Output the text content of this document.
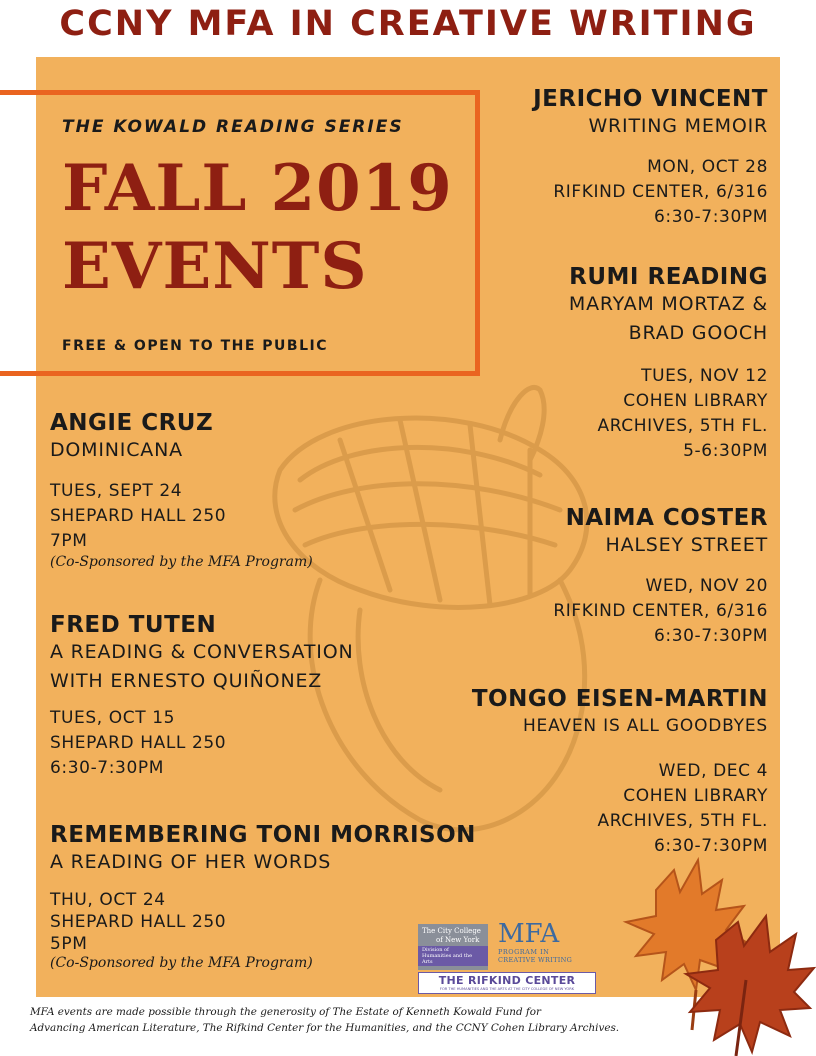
CCNY MFA IN CREATIVE WRITING
THE KOWALD READING SERIES
FALL 2019
EVENTS
FREE & OPEN TO THE PUBLIC
ANGIE CRUZ
DOMINICANA
TUES, SEPT 24
SHEPARD HALL 250
7PM
(Co-Sponsored by the MFA Program)
FRED TUTEN
A READING & CONVERSATION
WITH ERNESTO QUIÑONEZ
TUES, OCT 15
SHEPARD HALL 250
6:30-7:30PM
REMEMBERING TONI MORRISON
A READING OF HER WORDS
THU, OCT 24
SHEPARD HALL 250
5PM
(Co-Sponsored by the MFA Program)
JERICHO VINCENT
WRITING MEMOIR
MON, OCT 28
RIFKIND CENTER, 6/316
6:30-7:30PM
RUMI READING
MARYAM MORTAZ &
BRAD GOOCH
TUES, NOV 12
COHEN LIBRARY
ARCHIVES, 5TH FL.
5-6:30PM
NAIMA COSTER
HALSEY STREET
WED, NOV 20
RIFKIND CENTER, 6/316
6:30-7:30PM
TONGO EISEN-MARTIN
HEAVEN IS ALL GOODBYES
WED, DEC 4
COHEN LIBRARY
ARCHIVES, 5TH FL.
6:30-7:30PM
The City College
of New York
Division of
Humanities and the Arts
MFA
PROGRAM IN
CREATIVE WRITING
THE RIFKIND CENTER
FOR THE HUMANITIES AND THE ARTS AT THE CITY COLLEGE OF NEW YORK
MFA events are made possible through the generosity of The Estate of Kenneth Kowald Fund for
Advancing American Literature, The Rifkind Center for the Humanities, and the CCNY Cohen Library Archives.
